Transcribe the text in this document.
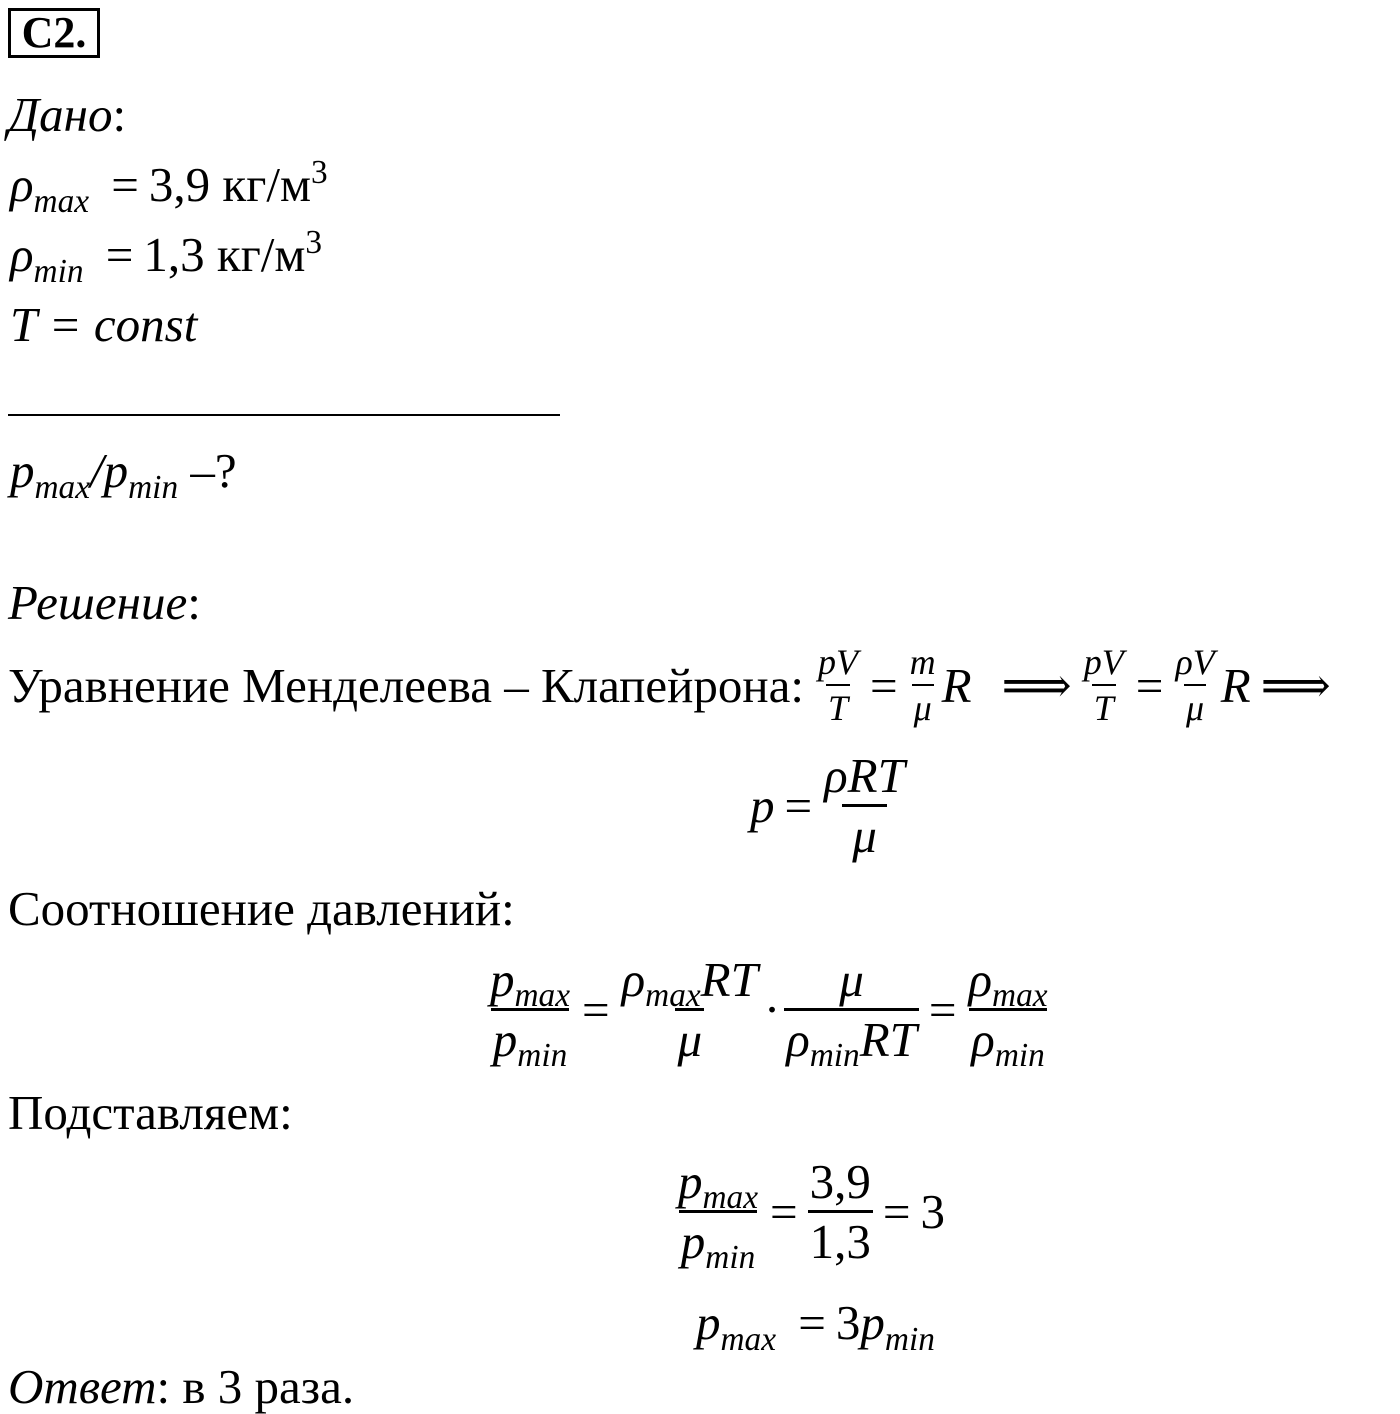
C2.
Дано:
$\rho_{max} = 3,9$ $кг/м^3$
$\rho_{min} = 1,3$ $кг/м^3$
T = const
$p_{max}/p_{min}$ –?
Решение:
Уравнение Менделеева – Клапейрона: $\frac{pV}{T} = \frac{m}{\mu}$ R ⟹ $\frac{pV}{T} = \frac{\rho V}{\mu}$ R ⟹
$p = \frac{\text{ρRT}}{\mu}$
Соотношение давлений:
$\frac{p_{max}}{p_{min}} = \frac{\rho_{max}RT}{\mu} \cdot \frac{\mu}{\rho_{min}RT} = \frac{\rho_{max}}{\rho_{min}}$
Подставляем:
$\frac{p_{max}}{p_{min}} = \frac{3,9}{1,3} = 3$
$p_{max} = 3p_{min}$
Ответ: в 3 раза.
